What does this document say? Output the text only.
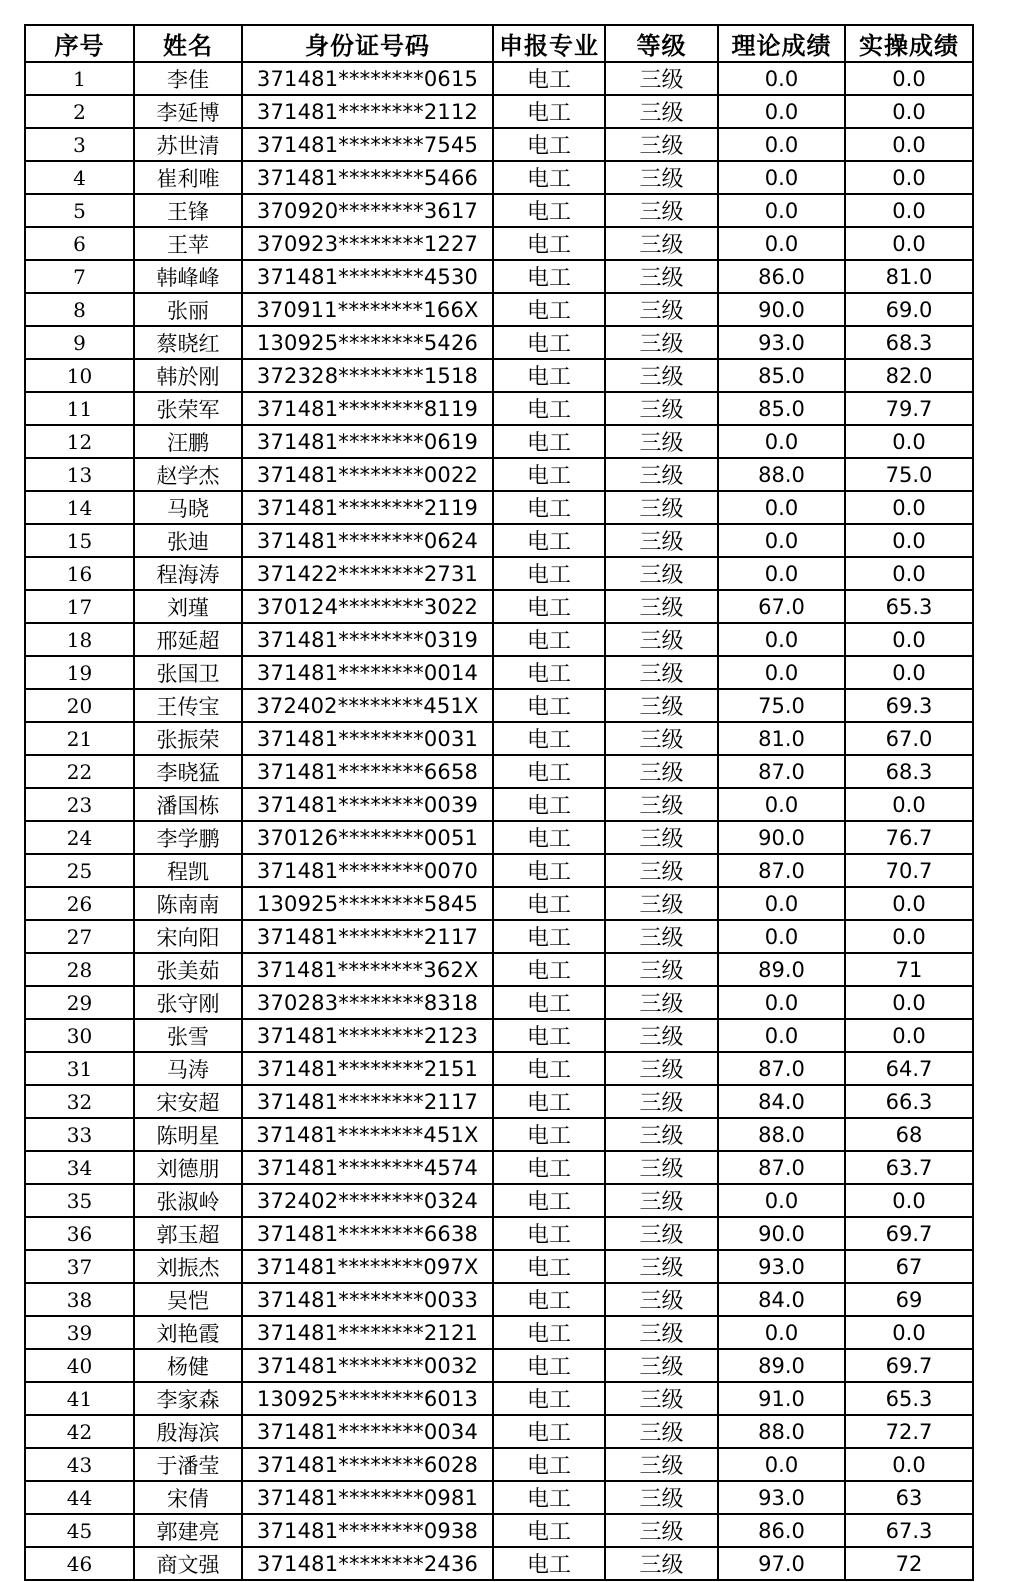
序号	姓名	身份证号码	申报专业	等级	理论成绩	实操成绩
1	李佳	371481********0615	电工	三级	0.0	0.0
2	李延博	371481********2112	电工	三级	0.0	0.0
3	苏世清	371481********7545	电工	三级	0.0	0.0
4	崔利唯	371481********5466	电工	三级	0.0	0.0
5	王锋	370920********3617	电工	三级	0.0	0.0
6	王苹	370923********1227	电工	三级	0.0	0.0
7	韩峰峰	371481********4530	电工	三级	86.0	81.0
8	张丽	370911********166X	电工	三级	90.0	69.0
9	蔡晓红	130925********5426	电工	三级	93.0	68.3
10	韩於刚	372328********1518	电工	三级	85.0	82.0
11	张荣军	371481********8119	电工	三级	85.0	79.7
12	汪鹏	371481********0619	电工	三级	0.0	0.0
13	赵学杰	371481********0022	电工	三级	88.0	75.0
14	马晓	371481********2119	电工	三级	0.0	0.0
15	张迪	371481********0624	电工	三级	0.0	0.0
16	程海涛	371422********2731	电工	三级	0.0	0.0
17	刘瑾	370124********3022	电工	三级	67.0	65.3
18	邢延超	371481********0319	电工	三级	0.0	0.0
19	张国卫	371481********0014	电工	三级	0.0	0.0
20	王传宝	372402********451X	电工	三级	75.0	69.3
21	张振荣	371481********0031	电工	三级	81.0	67.0
22	李晓猛	371481********6658	电工	三级	87.0	68.3
23	潘国栋	371481********0039	电工	三级	0.0	0.0
24	李学鹏	370126********0051	电工	三级	90.0	76.7
25	程凯	371481********0070	电工	三级	87.0	70.7
26	陈南南	130925********5845	电工	三级	0.0	0.0
27	宋向阳	371481********2117	电工	三级	0.0	0.0
28	张美茹	371481********362X	电工	三级	89.0	71
29	张守刚	370283********8318	电工	三级	0.0	0.0
30	张雪	371481********2123	电工	三级	0.0	0.0
31	马涛	371481********2151	电工	三级	87.0	64.7
32	宋安超	371481********2117	电工	三级	84.0	66.3
33	陈明星	371481********451X	电工	三级	88.0	68
34	刘德朋	371481********4574	电工	三级	87.0	63.7
35	张淑岭	372402********0324	电工	三级	0.0	0.0
36	郭玉超	371481********6638	电工	三级	90.0	69.7
37	刘振杰	371481********097X	电工	三级	93.0	67
38	吴恺	371481********0033	电工	三级	84.0	69
39	刘艳霞	371481********2121	电工	三级	0.0	0.0
40	杨健	371481********0032	电工	三级	89.0	69.7
41	李家森	130925********6013	电工	三级	91.0	65.3
42	殷海滨	371481********0034	电工	三级	88.0	72.7
43	于潘莹	371481********6028	电工	三级	0.0	0.0
44	宋倩	371481********0981	电工	三级	93.0	63
45	郭建亮	371481********0938	电工	三级	86.0	67.3
46	商文强	371481********2436	电工	三级	97.0	72
